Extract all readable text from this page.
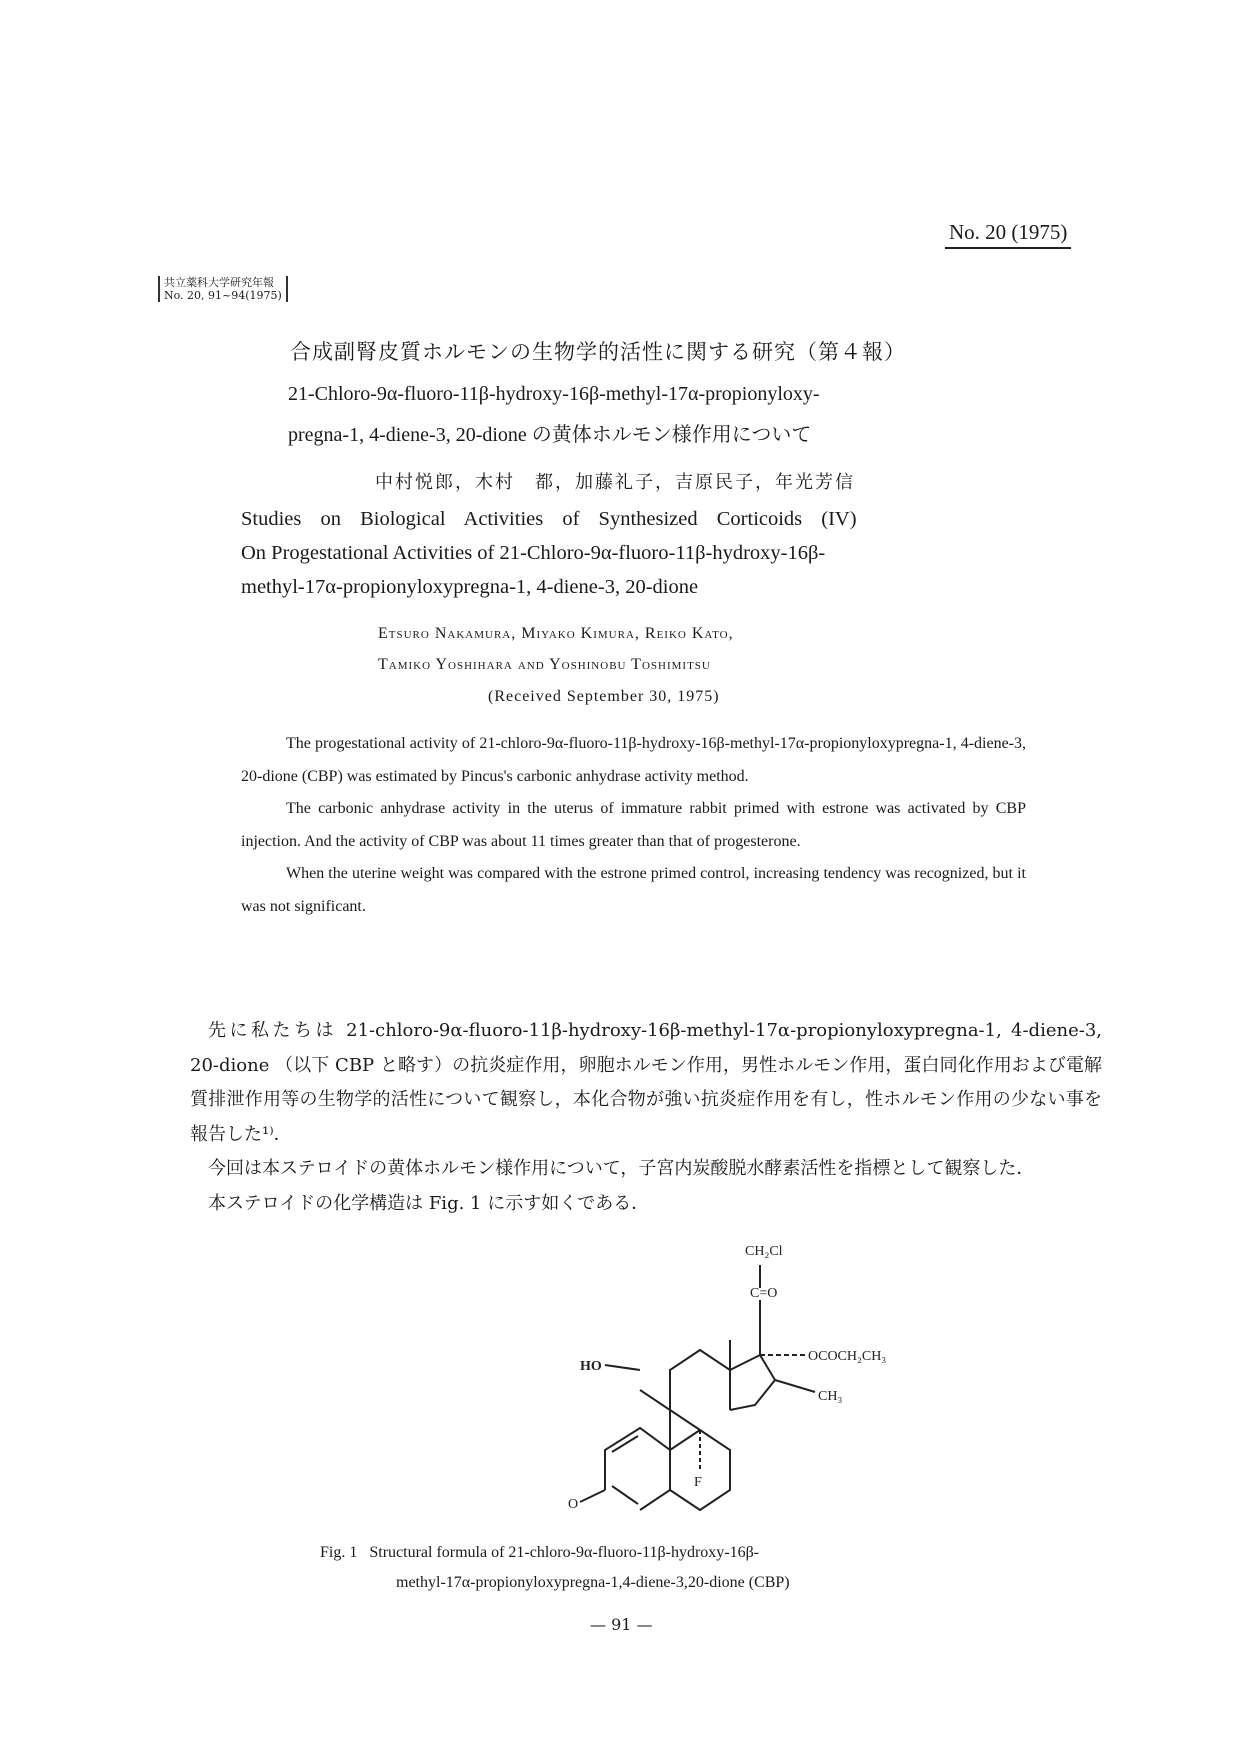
No. 20 (1975)
共立薬科大学研究年報
No. 20, 91~94(1975)
合成副腎皮質ホルモンの生物学的活性に関する研究（第４報）
21-Chloro-9α-fluoro-11β-hydroxy-16β-methyl-17α-propionyloxy-
pregna-1, 4-diene-3, 20-dione の黄体ホルモン様作用について
中村悦郎，木村　都，加藤礼子，吉原民子，年光芳信
Studies on Biological Activities of Synthesized Corticoids (IV)
On Progestational Activities of 21-Chloro-9α-fluoro-11β-hydroxy-16β-
methyl-17α-propionyloxypregna-1, 4-diene-3, 20-dione
Etsuro Nakamura, Miyako Kimura, Reiko Kato,
Tamiko Yoshihara and Yoshinobu Toshimitsu
(Received September 30, 1975)

The progestational activity of 21-chloro-9α-fluoro-11β-hydroxy-16β-methyl-17α-propionyloxypregna-1, 4-diene-3, 20-dione (CBP) was estimated by Pincus's carbonic anhydrase activity method.

The carbonic anhydrase activity in the uterus of immature rabbit primed with estrone was activated by CBP injection. And the activity of CBP was about 11 times greater than that of progesterone.

When the uterine weight was compared with the estrone primed control, increasing tendency was recognized, but it was not significant.

先に私たちは 21-chloro-9α-fluoro-11β-hydroxy-16β-methyl-17α-propionyloxypregna-1, 4-diene-3, 20-dione （以下 CBP と略す）の抗炎症作用，卵胞ホルモン作用，男性ホルモン作用，蛋白同化作用および電解質排泄作用等の生物学的活性について観察し，本化合物が強い抗炎症作用を有し，性ホルモン作用の少ない事を報告した¹⁾．

今回は本ステロイドの黄体ホルモン様作用について，子宮内炭酸脱水酵素活性を指標として観察した．

本ステロイドの化学構造は Fig. 1 に示す如くである．

CH₂Cl
C=O
OCOCH₂CH₃
CH₃
HO
F
O
Fig. 1   Structural formula of 21-chloro-9α-fluoro-11β-hydroxy-16β-
methyl-17α-propionyloxypregna-1,4-diene-3,20-dione (CBP)
— 91 —
